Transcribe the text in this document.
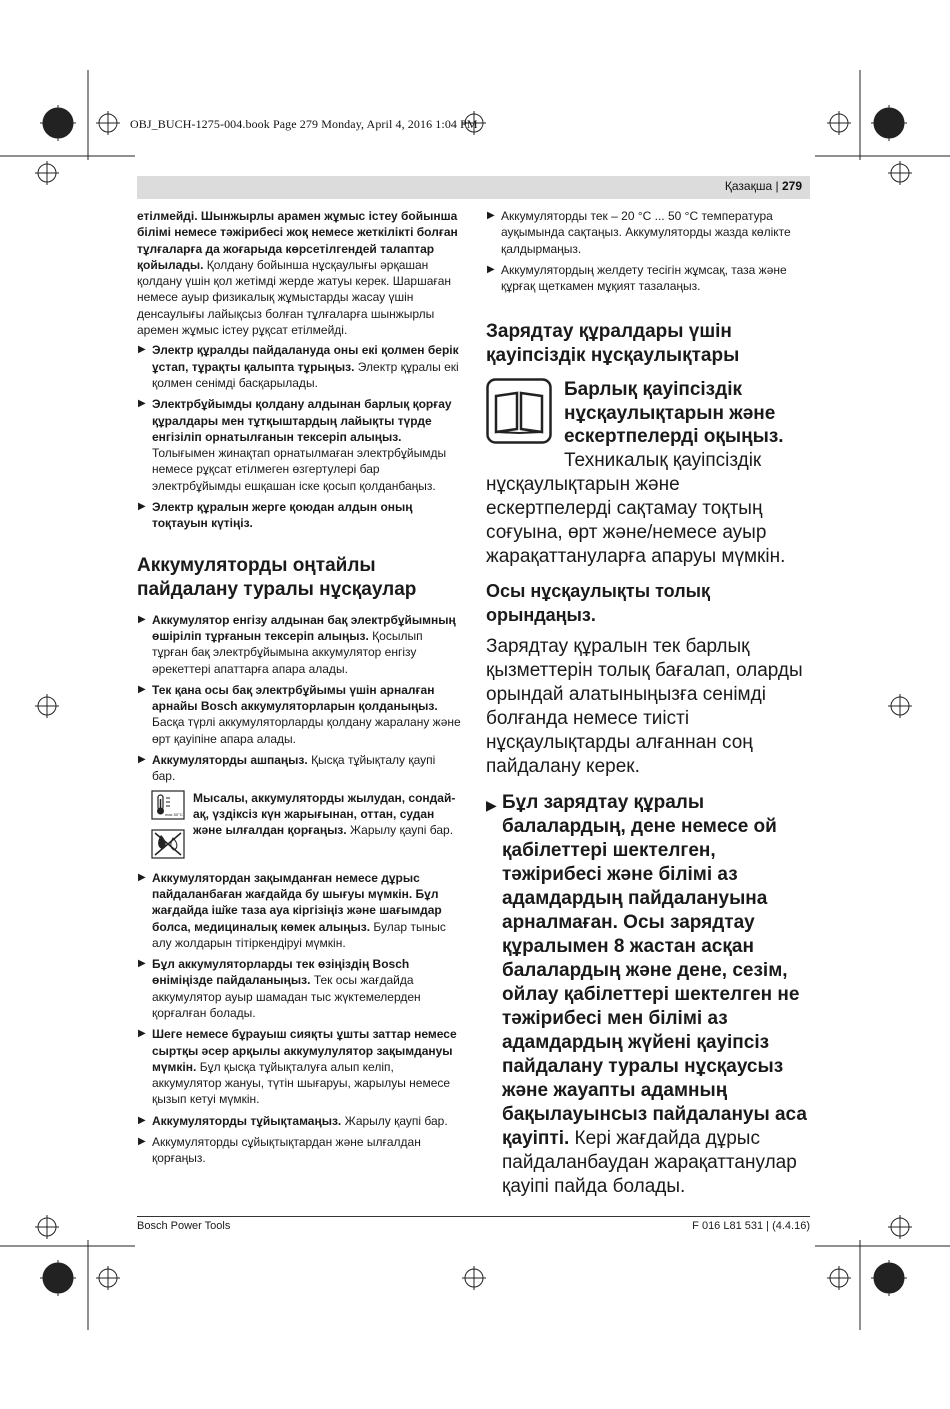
OBJ_BUCH-1275-004.book Page 279 Monday, April 4, 2016 1:04 PM
Қазақша | 279

етілмейді. Шынжырлы арамен жұмыс істеу бойынша білімі немесе тәжірибесі жоқ немесе жеткілікті болған тұлғаларға да жоғарыда көрсетілгендей талаптар қойылады. Қолдану бойынша нұсқаулығы әрқашан қолдану үшін қол жетімді жерде жатуы керек. Шаршаған немесе ауыр физикалық жұмыстарды жасау үшін денсаулығы лайықсыз болған тұлғаларға шынжырлы аремен жұмыс істеу рұқсат етілмейді.

▶ Электр құралды пайдалануда оны екі қолмен берік ұстап, тұрақты қалыпта тұрыңыз. Электр құралы екі қолмен сенімді басқарылады.
▶ Электрбұйымды қолдану алдынан барлық қорғау құралдары мен тұтқыштардың лайықты түрде енгізіліп орнатылғанын тексеріп алыңыз. Толығымен жинақтап орнатылмаған электрбұйымды немесе рұқсат етілмеген өзгертулері бар электрбұйымды ешқашан іске қосып қолданбаңыз.
▶ Электр құралын жерге қоюдан алдын оның тоқтауын күтіңіз.
Аккумуляторды оңтайлы пайдалану туралы нұсқаулар
▶ Аккумулятор енгізу алдынан бақ электрбұйымның өшіріліп тұрғанын тексеріп алыңыз. Қосылып тұрған бақ электрбұйымына аккумулятор енгізу әрекеттері апаттарға апара алады.
▶ Тек қана осы бақ электрбұйымы үшін арналған арнайы Bosch аккумуляторларын қолданыңыз. Басқа түрлі аккумуляторларды қолдану жаралану және өрт қауіпіне апара алады.
▶ Аккумуляторды ашпаңыз. Қысқа тұйықталу қаупі бар.
max 50°C

Мысалы, аккумуляторды жылудан, сондай-ақ, үздіксіз күн жарығынан, оттан, судан және ылғалдан қорғаңыз. Жарылу қаупі бар.

▶ Аккумулятордан зақымданған немесе дұрыс пайдаланбаған жағдайда бу шығуы мүмкін. Бұл жағдайда іш̆ке таза ауа кіргізіңіз және шағымдар болса, медициналық көмек алыңыз. Булар тыныс алу жолдарын тітіркендіруі мүмкін.
▶ Бұл аккумуляторларды тек өзіңіздің Bosch өніміңізде пайдаланыңыз. Тек осы жағдайда аккумулятор ауыр шамадан тыс жүктемелерден қорғалған болады.
▶ Шеге немесе бұрауыш сияқты ұшты заттар немесе сыртқы әсер арқылы аккумулулятор зақымдануы мүмкін. Бұл қысқа тұйықталуға алып келіп, аккумулятор жануы, түтін шығаруы, жарылуы немесе қызып кетуі мүмкін.
▶ Аккумуляторды тұйықтамаңыз. Жарылу қаупі бар.
▶ Аккумуляторды сұйықтықтардан және ылғалдан қорғаңыз.
▶ Аккумуляторды тек – 20 °C ... 50 °C температура ауқымында сақтаңыз. Аккумуляторды жазда көлікте қалдырмаңыз.
▶ Аккумулятордың желдету тесігін жұмсақ, таза және құрғақ щеткамен мұқият тазалаңыз.
Зарядтау құралдары үшін қауіпсіздік нұсқаулықтары
Барлық қауіпсіздік нұсқаулықтарын және ескертпелерді оқыңыз.

Техникалық қауіпсіздік нұсқаулықтарын және ескертпелерді сақтамау тоқтың соғуына, өрт және/немесе ауыр жарақаттануларға апаруы мүмкін.

Осы нұсқаулықты толық орындаңыз.

Зарядтау құралын тек барлық қызметтерін толық бағалап, оларды орындай алатыныңызға сенімді болғанда немесе тиісті нұсқаулықтарды алғаннан соң пайдалану керек.

▶ Бұл зарядтау құралы балалардың, дене немесе ой қабілеттері шектелген, тәжірибесі және білімі аз адамдардың пайдалануына арналмаған. Осы зарядтау құралымен 8 жастан асқан балалардың және дене, сезім, ойлау қабілеттері шектелген не тәжірибесі мен білімі аз адамдардың жүйені қауіпсіз пайдалану туралы нұсқаусыз және жауапты адамның бақылауынсыз пайдалануы аса қауіпті. Кері жағдайда дұрыс пайдаланбаудан жарақаттанулар қауіпі пайда болады.
Bosch Power Tools	F 016 L81 531 | (4.4.16)
